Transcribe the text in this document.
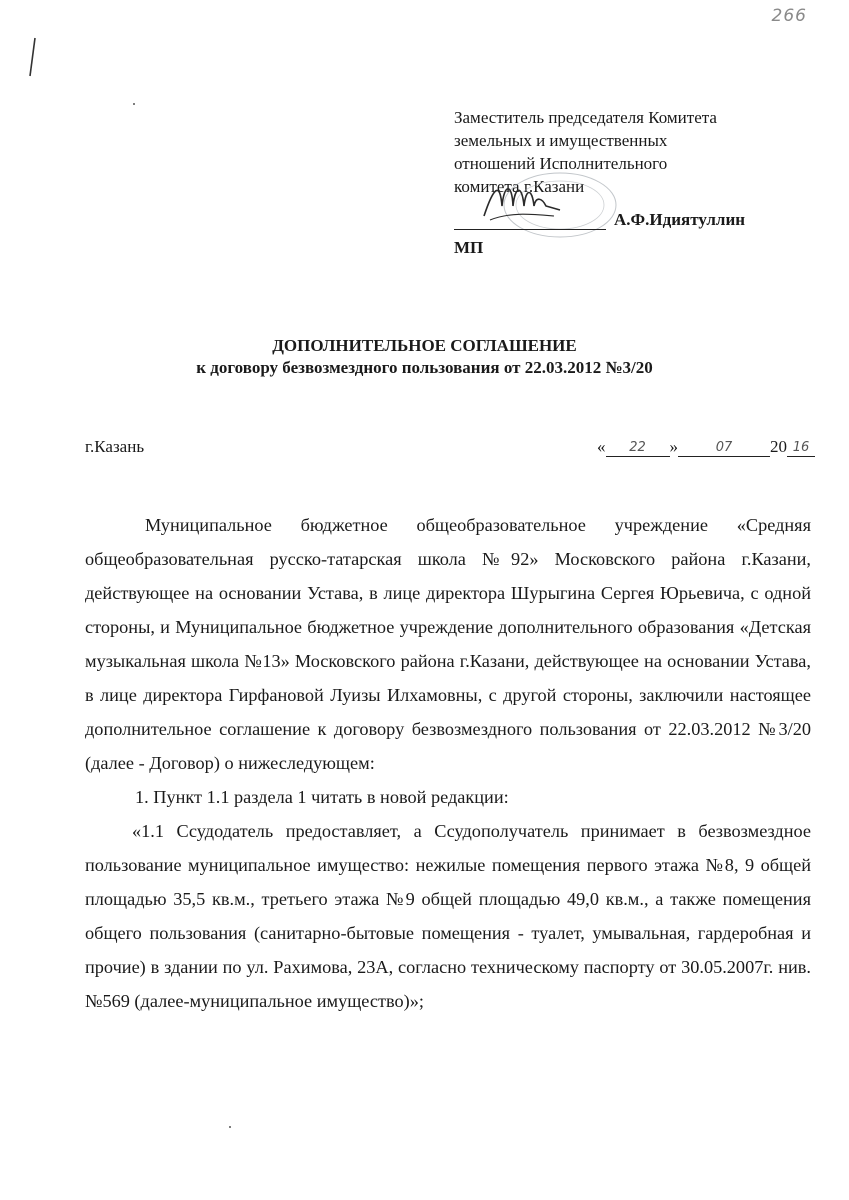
266
Заместитель председателя Комитета
земельных и имущественных
отношений Исполнительного
комитета г.Казани
А.Ф.Идиятуллин
МП
ДОПОЛНИТЕЛЬНОЕ СОГЛАШЕНИЕ
к договору безвозмездного пользования от 22.03.2012 №3/20
г.Казань	« 22 »	07 20 16

Муниципальное бюджетное общеобразовательное учреждение «Средняя общеобразовательная русско-татарская школа №92» Московского района г.Казани, действующее на основании Устава, в лице директора Шурыгина Сергея Юрьевича, с одной стороны, и Муниципальное бюджетное учреждение дополнительного образования «Детская музыкальная школа №13» Московского района г.Казани, действующее на основании Устава, в лице директора Гирфановой Луизы Илхамовны, с другой стороны, заключили настоящее дополнительное соглашение к договору безвозмездного пользования от 22.03.2012 №3/20 (далее - Договор) о нижеследующем:

1. Пункт 1.1 раздела 1 читать в новой редакции:

«1.1 Ссудодатель предоставляет, а Ссудополучатель принимает в безвозмездное пользование муниципальное имущество: нежилые помещения первого этажа №8, 9 общей площадью 35,5 кв.м., третьего этажа №9 общей площадью 49,0 кв.м., а также помещения общего пользования (санитарно-бытовые помещения - туалет, умывальная, гардеробная и прочие) в здании по ул. Рахимова, 23А, согласно техническому паспорту от 30.05.2007г. нив.№569 (далее-муниципальное имущество)»;
